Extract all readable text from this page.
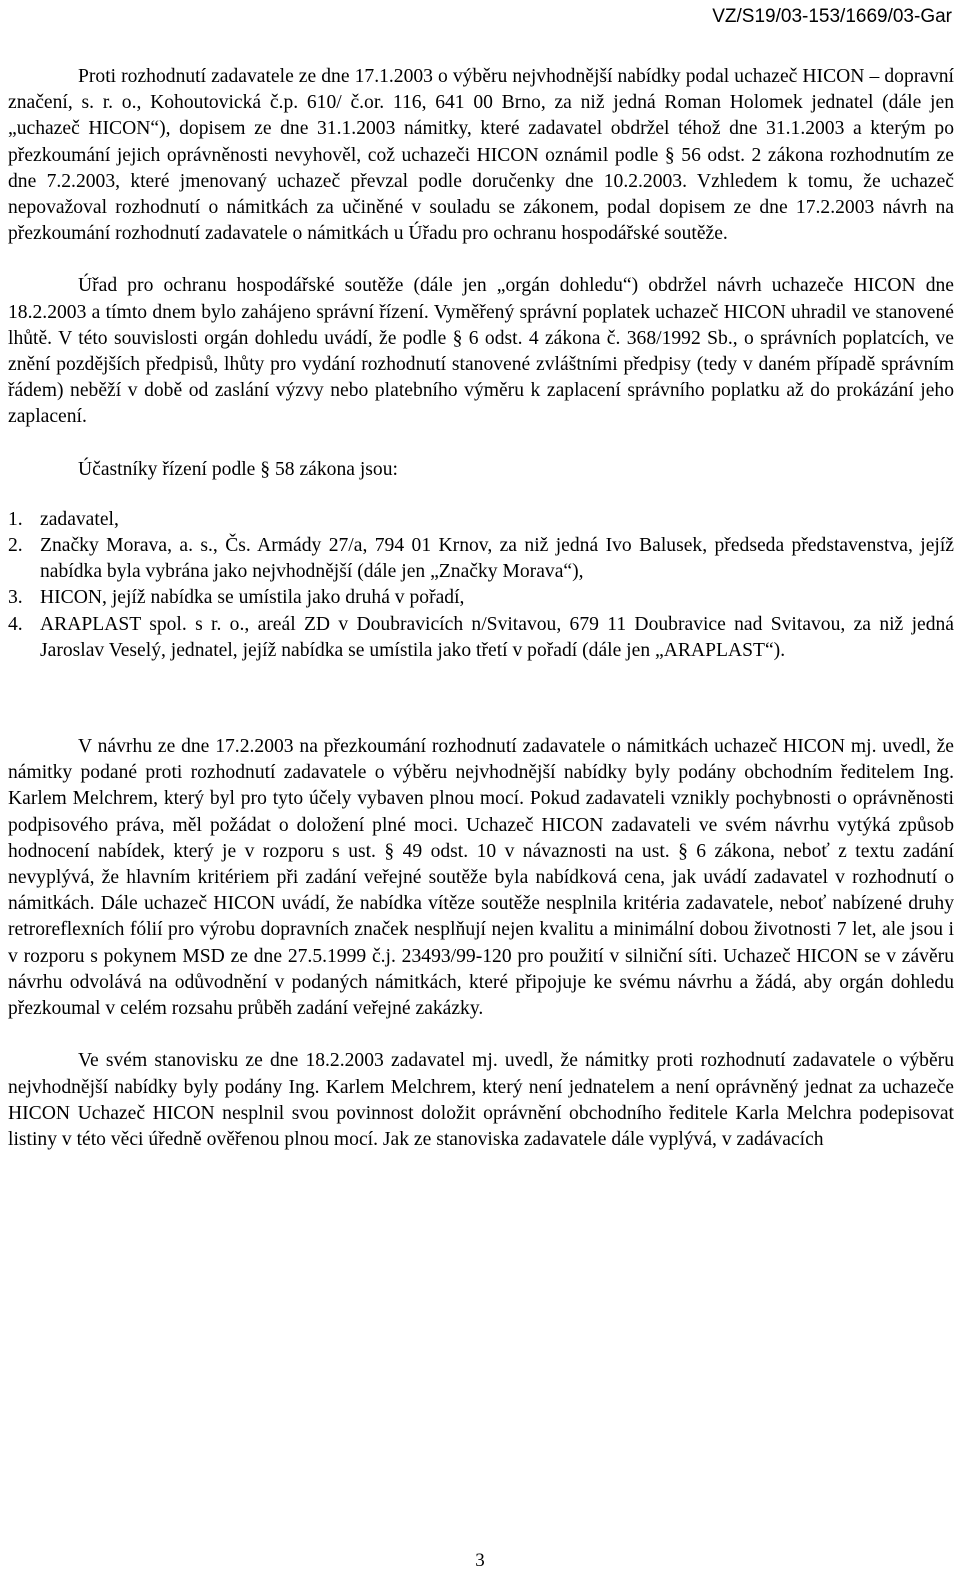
VZ/S19/03-153/1669/03-Gar

Proti rozhodnutí zadavatele ze dne 17.1.2003 o výběru nejvhodnější nabídky podal uchazeč HICON – dopravní značení, s. r. o., Kohoutovická č.p. 610/ č.or. 116, 641 00 Brno, za niž jedná Roman Holomek jednatel (dále jen „uchazeč HICON“), dopisem ze dne 31.1.2003 námitky, které zadavatel obdržel téhož dne 31.1.2003 a kterým po přezkoumání jejich oprávněnosti nevyhověl, což uchazeči HICON oznámil podle § 56 odst. 2 zákona rozhodnutím ze dne 7.2.2003, které jmenovaný uchazeč převzal podle doručenky dne 10.2.2003. Vzhledem k tomu, že uchazeč nepovažoval rozhodnutí o námitkách za učiněné v souladu se zákonem, podal dopisem ze dne 17.2.2003 návrh na přezkoumání rozhodnutí zadavatele o námitkách u Úřadu pro ochranu hospodářské soutěže.

Úřad pro ochranu hospodářské soutěže (dále jen „orgán dohledu“) obdržel návrh uchazeče HICON dne 18.2.2003 a tímto dnem bylo zahájeno správní řízení. Vyměřený správní poplatek uchazeč HICON uhradil ve stanovené lhůtě. V této souvislosti orgán dohledu uvádí, že podle § 6 odst. 4 zákona č. 368/1992 Sb., o správních poplatcích, ve znění pozdějších předpisů, lhůty pro vydání rozhodnutí stanovené zvláštními předpisy (tedy v daném případě správním řádem) neběží v době od zaslání výzvy nebo platebního výměru k zaplacení správního poplatku až do prokázání jeho zaplacení.

Účastníky řízení podle § 58 zákona jsou:

1. zadavatel,
2. Značky Morava, a. s., Čs. Armády 27/a, 794 01 Krnov, za niž jedná Ivo Balusek, předseda představenstva, jejíž nabídka byla vybrána jako nejvhodnější (dále jen „Značky Morava“),
3. HICON, jejíž nabídka se umístila jako druhá v pořadí,
4. ARAPLAST spol. s r. o., areál ZD v Doubravicích n/Svitavou, 679 11 Doubravice nad Svitavou, za niž jedná Jaroslav Veselý, jednatel, jejíž nabídka se umístila jako třetí v pořadí (dále jen „ARAPLAST“).

V návrhu ze dne 17.2.2003 na přezkoumání rozhodnutí zadavatele o námitkách uchazeč HICON mj. uvedl, že námitky podané proti rozhodnutí zadavatele o výběru nejvhodnější nabídky byly podány obchodním ředitelem Ing. Karlem Melchrem, který byl pro tyto účely vybaven plnou mocí. Pokud zadavateli vznikly pochybnosti o oprávněnosti podpisového práva, měl požádat o doložení plné moci. Uchazeč HICON zadavateli ve svém návrhu vytýká způsob hodnocení nabídek, který je v rozporu s ust. § 49 odst. 10 v návaznosti na ust. § 6 zákona, neboť z textu zadání nevyplývá, že hlavním kritériem při zadání veřejné soutěže byla nabídková cena, jak uvádí zadavatel v rozhodnutí o námitkách. Dále uchazeč HICON uvádí, že nabídka vítěze soutěže nesplnila kritéria zadavatele, neboť nabízené druhy retroreflexních fólií pro výrobu dopravních značek nesplňují nejen kvalitu a minimální dobou životnosti 7 let, ale jsou i v rozporu s pokynem MSD ze dne 27.5.1999 č.j. 23493/99-120 pro použití v silniční síti. Uchazeč HICON se v závěru návrhu odvolává na odůvodnění v podaných námitkách, které připojuje ke svému návrhu a žádá, aby orgán dohledu přezkoumal v celém rozsahu průběh zadání veřejné zakázky.

Ve svém stanovisku ze dne 18.2.2003 zadavatel mj. uvedl, že námitky proti rozhodnutí zadavatele o výběru nejvhodnější nabídky byly podány Ing. Karlem Melchrem, který není jednatelem a není oprávněný jednat za uchazeče HICON Uchazeč HICON nesplnil svou povinnost doložit oprávnění obchodního ředitele Karla Melchra podepisovat listiny v této věci úředně ověřenou plnou mocí. Jak ze stanoviska zadavatele dále vyplývá, v zadávacích

3
